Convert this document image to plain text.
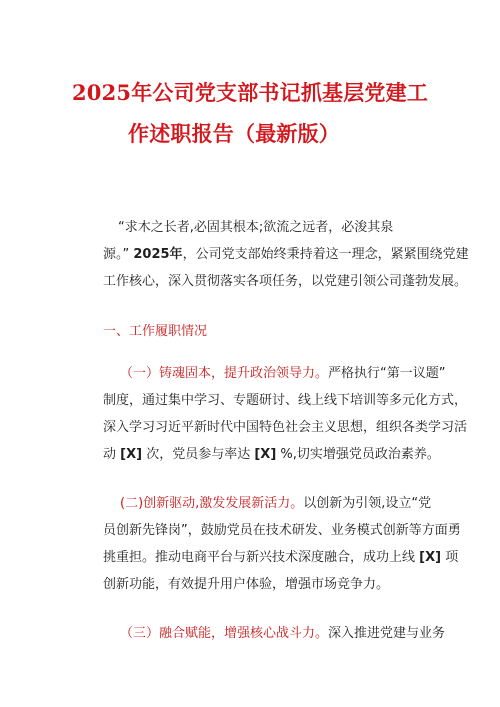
2025年公司党支部书记抓基层党建工
作述职报告（最新版）
“求木之长者,必固其根本;欲流之远者，必浚其泉
源。” 2025年，公司党支部始终秉持着这一理念，紧紧围绕党建
工作核心，深入贯彻落实各项任务，以党建引领公司蓬勃发展。
一、工作履职情况
（一）铸魂固本，提升政治领导力。严格执行“第一议题”
制度，通过集中学习、专题研讨、线上线下培训等多元化方式，
深入学习习近平新时代中国特色社会主义思想，组织各类学习活
动 [X] 次，党员参与率达 [X] %,切实增强党员政治素养。
(二)创新驱动,激发发展新活力。以创新为引领,设立“党
员创新先锋岗”，鼓励党员在技术研发、业务模式创新等方面勇
挑重担。推动电商平台与新兴技术深度融合，成功上线 [X] 项
创新功能，有效提升用户体验，增强市场竞争力。
（三）融合赋能，增强核心战斗力。深入推进党建与业务
